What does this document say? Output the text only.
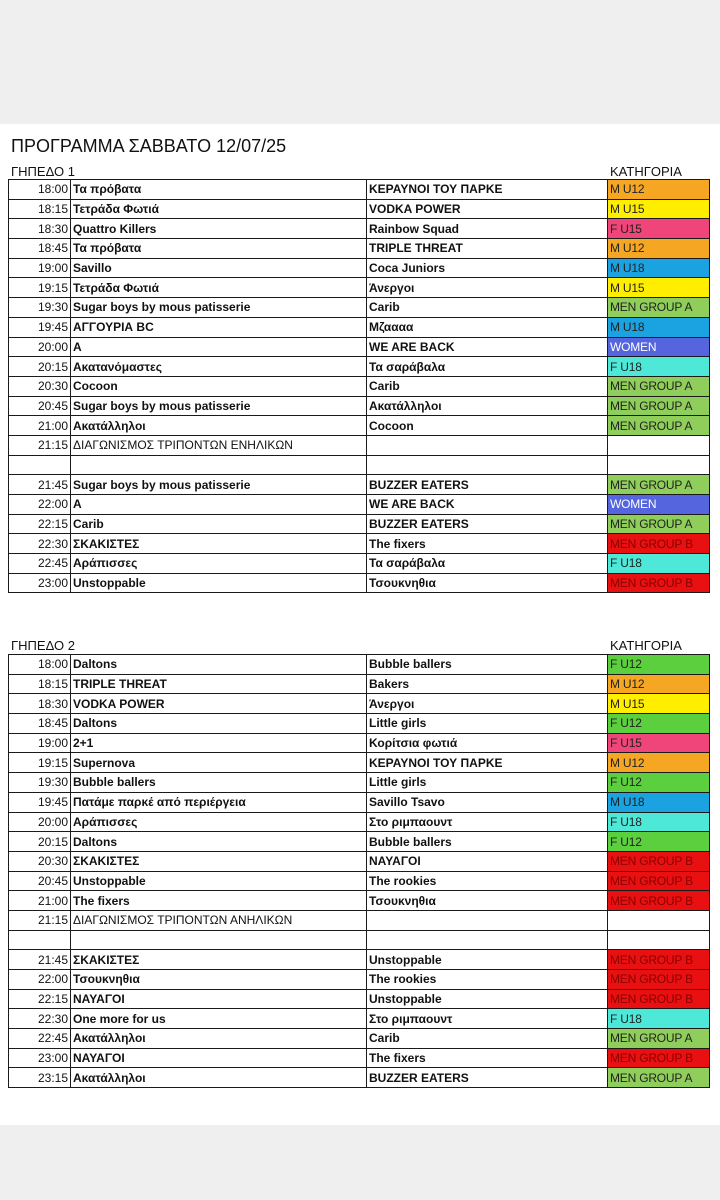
ΠΡΟΓΡΑΜΜΑ ΣΑΒΒΑΤΟ 12/07/25
ΓΗΠΕΔΟ 1	ΚΑΤΗΓΟΡΙΑ
18:00	Τα πρόβατα	ΚΕΡΑΥΝΟΙ ΤΟΥ ΠΑΡΚΕ	M U12
18:15	Τετράδα Φωτιά	VODKA POWER	M U15
18:30	Quattro Killers	Rainbow Squad	F U15
18:45	Τα πρόβατα	TRIPLE THREAT	M U12
19:00	Savillo	Coca Juniors	M U18
19:15	Τετράδα Φωτιά	Άνεργοι	M U15
19:30	Sugar boys by mous patisserie	Carib	MEN GROUP A
19:45	ΑΓΓΟΥΡΙΑ BC	Μζαααα	M U18
20:00	A	WE ARE BACK	WOMEN
20:15	Ακατανόμαστες	Τα σαράβαλα	F U18
20:30	Cocoon	Carib	MEN GROUP A
20:45	Sugar boys by mous patisserie	Ακατάλληλοι	MEN GROUP A
21:00	Ακατάλληλοι	Cocoon	MEN GROUP A
21:15	ΔΙΑΓΩΝΙΣΜΟΣ ΤΡΙΠΟΝΤΩΝ ΕΝΗΛΙΚΩΝ		

21:45	Sugar boys by mous patisserie	BUZZER EATERS	MEN GROUP A
22:00	A	WE ARE BACK	WOMEN
22:15	Carib	BUZZER EATERS	MEN GROUP A
22:30	ΣΚΑΚΙΣΤΕΣ	The fixers	MEN GROUP B
22:45	Αράπισσες	Τα σαράβαλα	F U18
23:00	Unstoppable	Τσουκνηθια	MEN GROUP B
ΓΗΠΕΔΟ 2	ΚΑΤΗΓΟΡΙΑ
18:00	Daltons	Bubble ballers	F U12
18:15	TRIPLE THREAT	Bakers	M U12
18:30	VODKA POWER	Άνεργοι	M U15
18:45	Daltons	Little girls	F U12
19:00	2+1	Κορίτσια φωτιά	F U15
19:15	Supernova	ΚΕΡΑΥΝΟΙ ΤΟΥ ΠΑΡΚΕ	M U12
19:30	Bubble ballers	Little girls	F U12
19:45	Πατάμε παρκέ από περιέργεια	Savillo Tsavo	M U18
20:00	Αράπισσες	Στο ριμπαουντ	F U18
20:15	Daltons	Bubble ballers	F U12
20:30	ΣΚΑΚΙΣΤΕΣ	ΝΑΥΑΓΟΙ	MEN GROUP B
20:45	Unstoppable	The rookies	MEN GROUP B
21:00	The fixers	Τσουκνηθια	MEN GROUP B
21:15	ΔΙΑΓΩΝΙΣΜΟΣ ΤΡΙΠΟΝΤΩΝ ΑΝΗΛΙΚΩΝ		

21:45	ΣΚΑΚΙΣΤΕΣ	Unstoppable	MEN GROUP B
22:00	Τσουκνηθια	The rookies	MEN GROUP B
22:15	ΝΑΥΑΓΟΙ	Unstoppable	MEN GROUP B
22:30	One more for us	Στο ριμπαουντ	F U18
22:45	Ακατάλληλοι	Carib	MEN GROUP A
23:00	ΝΑΥΑΓΟΙ	The fixers	MEN GROUP B
23:15	Ακατάλληλοι	BUZZER EATERS	MEN GROUP A
